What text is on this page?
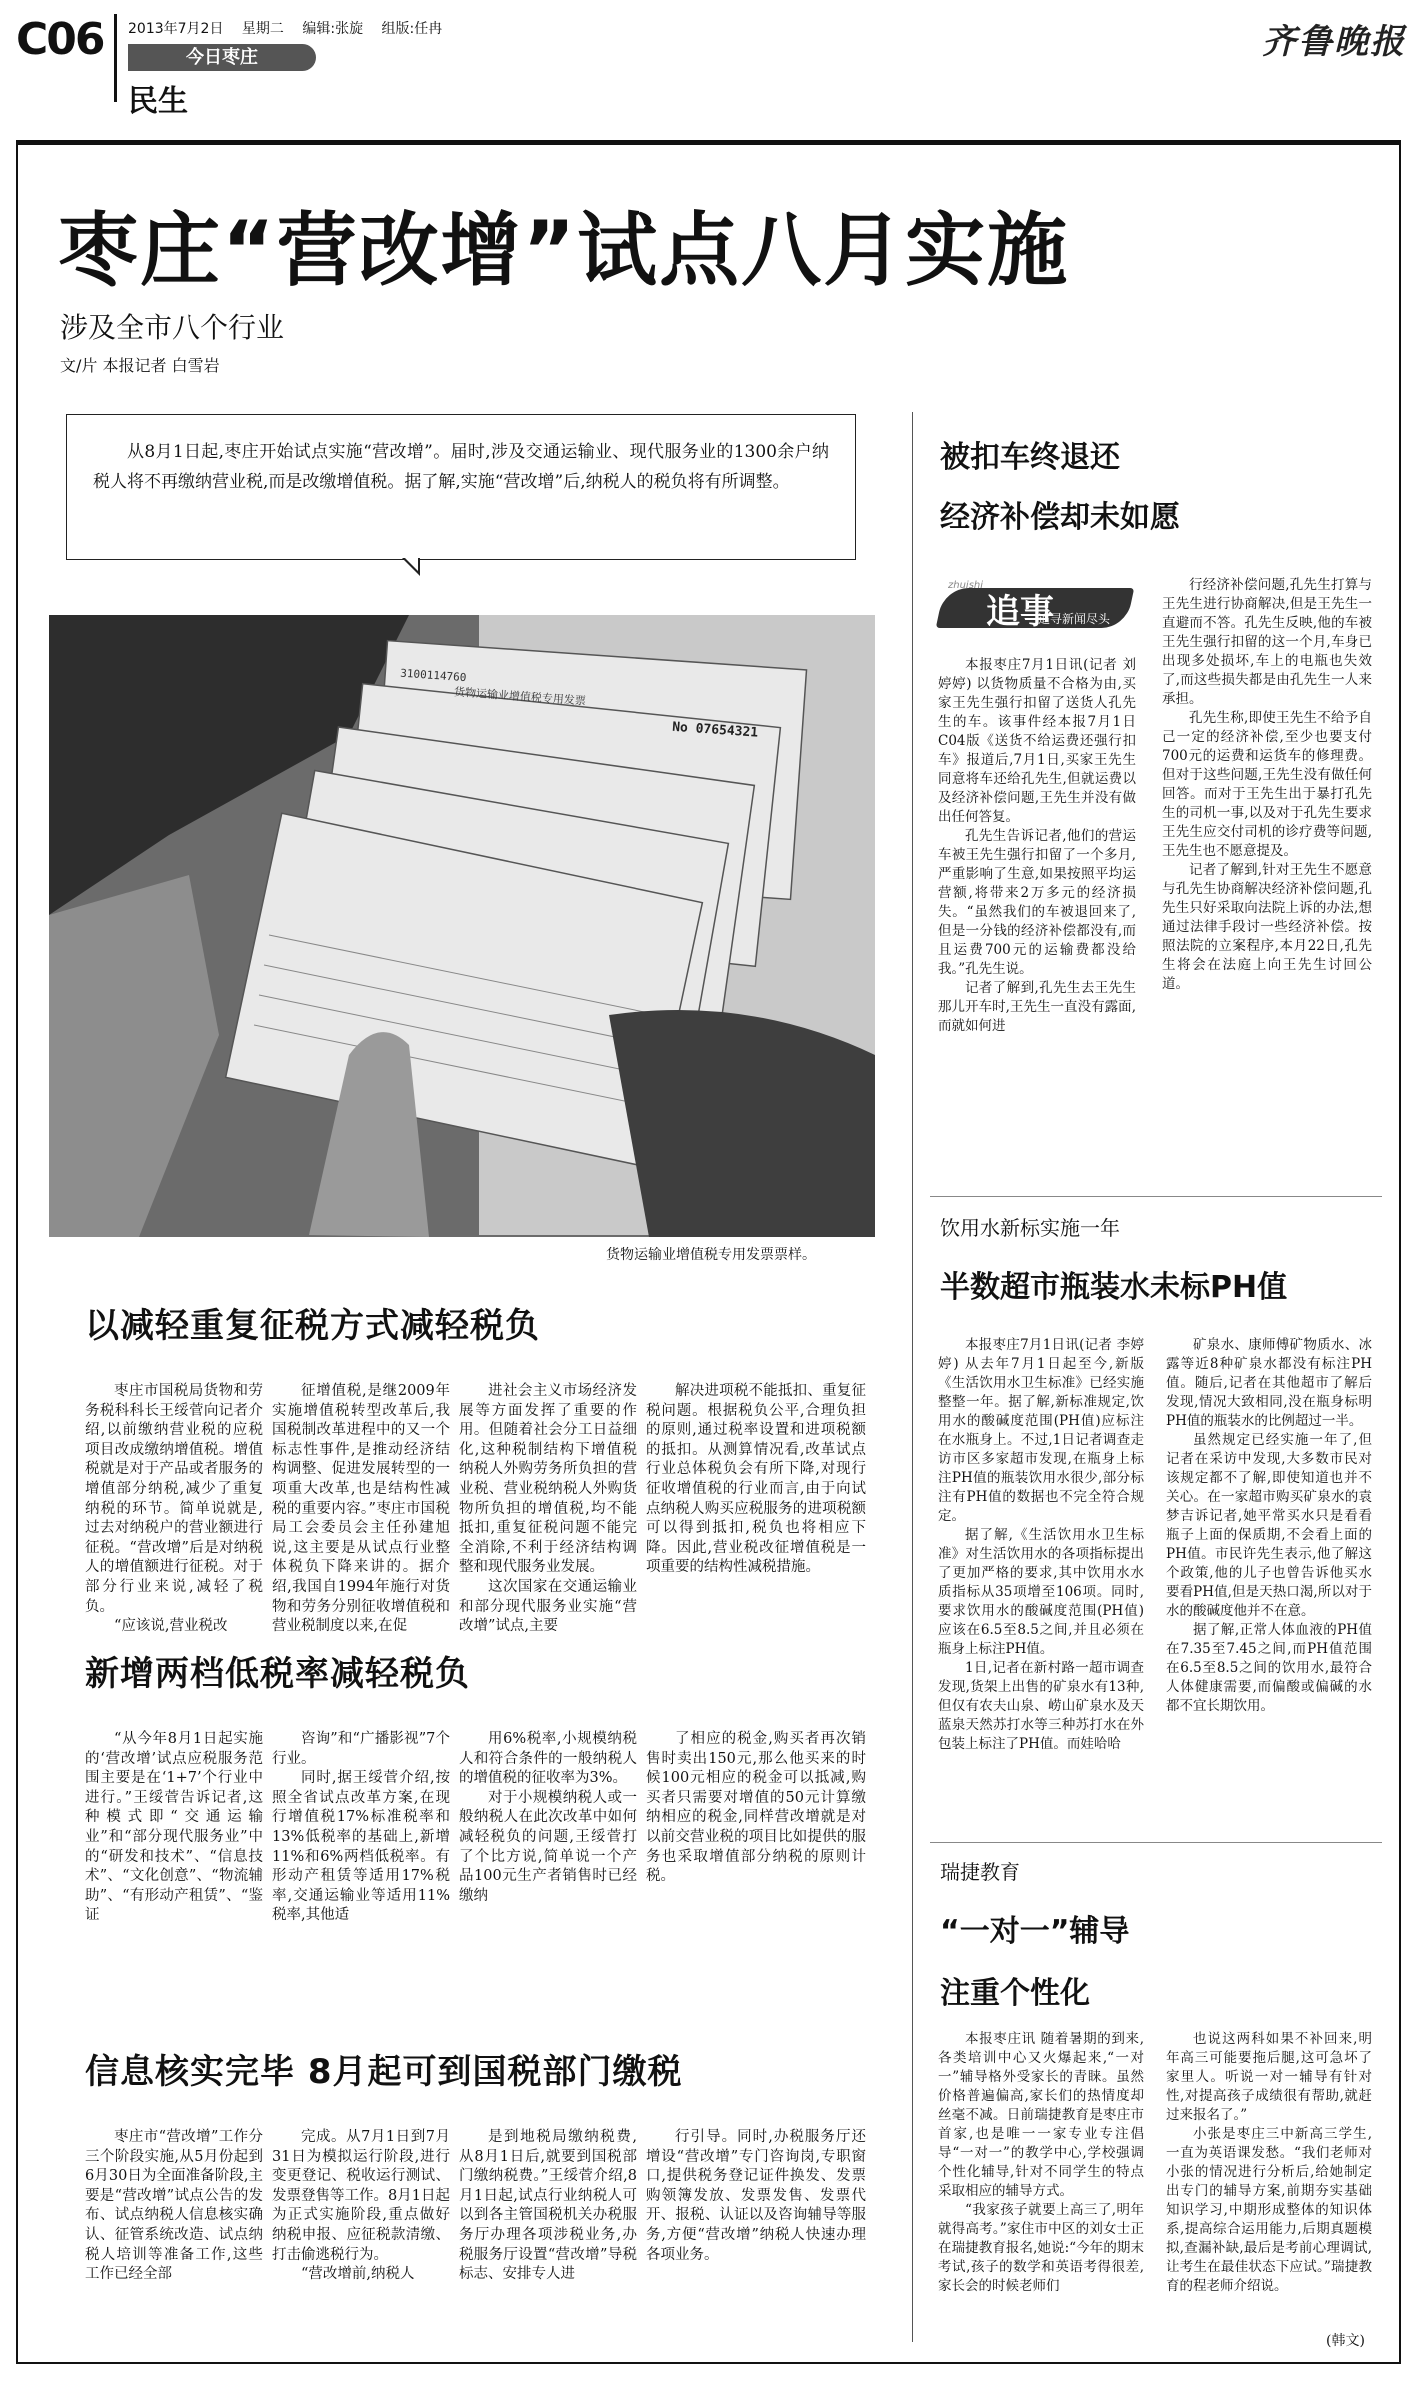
C06	2013年7月2日 星期二 编辑:张旋 组版:任冉
今日枣庄
民生
齐鲁晚报
枣庄“营改增”试点八月实施
涉及全市八个行业
文/片 本报记者 白雪岩
从8月1日起,枣庄开始试点实施“营改增”。届时,涉及交通运输业、现代服务业的1300余户纳税人将不再缴纳营业税,而是改缴增值税。据了解,实施“营改增”后,纳税人的税负将有所调整。
货物运输业增值税专用发票
3100114760
No 07654321
货物运输业增值税专用发票票样。
以减轻重复征税方式减轻税负

枣庄市国税局货物和劳务税科科长王绥菅向记者介绍,以前缴纳营业税的应税项目改成缴纳增值税。增值税就是对于产品或者服务的增值部分纳税,减少了重复纳税的环节。简单说就是,过去对纳税户的营业额进行征税。“营改增”后是对纳税人的增值额进行征税。对于部分行业来说,减轻了税负。

“应该说,营业税改

征增值税,是继2009年实施增值税转型改革后,我国税制改革进程中的又一个标志性事件,是推动经济结构调整、促进发展转型的一项重大改革,也是结构性减税的重要内容。”枣庄市国税局工会委员会主任孙建旭说,这主要是从试点行业整体税负下降来讲的。据介绍,我国自1994年施行对货物和劳务分别征收增值税和营业税制度以来,在促

进社会主义市场经济发展等方面发挥了重要的作用。但随着社会分工日益细化,这种税制结构下增值税纳税人外购劳务所负担的营业税、营业税纳税人外购货物所负担的增值税,均不能抵扣,重复征税问题不能完全消除,不利于经济结构调整和现代服务业发展。

这次国家在交通运输业和部分现代服务业实施“营改增”试点,主要

解决进项税不能抵扣、重复征税问题。根据税负公平,合理负担的原则,通过税率设置和进项税额的抵扣。从测算情况看,改革试点行业总体税负会有所下降,对现行征收增值税的行业而言,由于向试点纳税人购买应税服务的进项税额可以得到抵扣,税负也将相应下降。因此,营业税改征增值税是一项重要的结构性减税措施。

新增两档低税率减轻税负

“从今年8月1日起实施的‘营改增’试点应税服务范围主要是在‘1+7’个行业中进行。”王绥菅告诉记者,这种模式即“交通运输业”和“部分现代服务业”中的“研发和技术”、“信息技术”、“文化创意”、“物流辅助”、“有形动产租赁”、“鉴证

咨询”和“广播影视”7个行业。

同时,据王绥菅介绍,按照全省试点改革方案,在现行增值税17%标准税率和13%低税率的基础上,新增11%和6%两档低税率。有形动产租赁等适用17%税率,交通运输业等适用11%税率,其他适

用6%税率,小规模纳税人和符合条件的一般纳税人的增值税的征收率为3%。

对于小规模纳税人或一般纳税人在此次改革中如何减轻税负的问题,王绥菅打了个比方说,简单说一个产品100元生产者销售时已经缴纳

了相应的税金,购买者再次销售时卖出150元,那么他买来的时候100元相应的税金可以抵减,购买者只需要对增值的50元计算缴纳相应的税金,同样营改增就是对以前交营业税的项目比如提供的服务也采取增值部分纳税的原则计税。

信息核实完毕 8月起可到国税部门缴税

枣庄市“营改增”工作分三个阶段实施,从5月份起到6月30日为全面准备阶段,主要是“营改增”试点公告的发布、试点纳税人信息核实确认、征管系统改造、试点纳税人培训等准备工作,这些工作已经全部

完成。从7月1日到7月31日为模拟运行阶段,进行变更登记、税收运行测试、发票登售等工作。8月1日起为正式实施阶段,重点做好纳税申报、应征税款清缴、打击偷逃税行为。

“营改增前,纳税人

是到地税局缴纳税费,从8月1日后,就要到国税部门缴纳税费。”王绥菅介绍,8月1日起,试点行业纳税人可以到各主管国税机关办税服务厅办理各项涉税业务,办税服务厅设置“营改增”导税标志、安排专人进

行引导。同时,办税服务厅还增设“营改增”专门咨询岗,专职窗口,提供税务登记证件换发、发票购领簿发放、发票发售、发票代开、报税、认证以及咨询辅导等服务,方便“营改增”纳税人快速办理各项业务。

被扣车终退还
经济补偿却未如愿
追事
zhuishi
追寻新闻尽头

本报枣庄7月1日讯(记者 刘婷婷) 以货物质量不合格为由,买家王先生强行扣留了送货人孔先生的车。该事件经本报7月1日C04版《送货不给运费还强行扣车》报道后,7月1日,买家王先生同意将车还给孔先生,但就运费以及经济补偿问题,王先生并没有做出任何答复。

孔先生告诉记者,他们的营运车被王先生强行扣留了一个多月,严重影响了生意,如果按照平均运营额,将带来2万多元的经济损失。“虽然我们的车被退回来了,但是一分钱的经济补偿都没有,而且运费700元的运输费都没给我。”孔先生说。

记者了解到,孔先生去王先生那儿开车时,王先生一直没有露面,而就如何进

行经济补偿问题,孔先生打算与王先生进行协商解决,但是王先生一直避而不答。孔先生反映,他的车被王先生强行扣留的这一个月,车身已出现多处损坏,车上的电瓶也失效了,而这些损失都是由孔先生一人来承担。

孔先生称,即使王先生不给予自己一定的经济补偿,至少也要支付700元的运费和运货车的修理费。但对于这些问题,王先生没有做任何回答。而对于王先生出于暴打孔先生的司机一事,以及对于孔先生要求王先生应交付司机的诊疗费等问题,王先生也不愿意提及。

记者了解到,针对王先生不愿意与孔先生协商解决经济补偿问题,孔先生只好采取向法院上诉的办法,想通过法律手段讨一些经济补偿。按照法院的立案程序,本月22日,孔先生将会在法庭上向王先生讨回公道。

饮用水新标实施一年
半数超市瓶装水未标PH值

本报枣庄7月1日讯(记者 李婷婷) 从去年7月1日起至今,新版《生活饮用水卫生标准》已经实施整整一年。据了解,新标准规定,饮用水的酸碱度范围(PH值)应标注在水瓶身上。不过,1日记者调查走访市区多家超市发现,在瓶身上标注PH值的瓶装饮用水很少,部分标注有PH值的数据也不完全符合规定。

据了解,《生活饮用水卫生标准》对生活饮用水的各项指标提出了更加严格的要求,其中饮用水水质指标从35项增至106项。同时,要求饮用水的酸碱度范围(PH值)应该在6.5至8.5之间,并且必须在瓶身上标注PH值。

1日,记者在新村路一超市调查发现,货架上出售的矿泉水有13种,但仅有农夫山泉、崂山矿泉水及天蓝泉天然苏打水等三种苏打水在外包装上标注了PH值。而娃哈哈

矿泉水、康师傅矿物质水、冰露等近8种矿泉水都没有标注PH值。随后,记者在其他超市了解后发现,情况大致相同,没在瓶身标明PH值的瓶装水的比例超过一半。

虽然规定已经实施一年了,但记者在采访中发现,大多数市民对该规定都不了解,即使知道也并不关心。在一家超市购买矿泉水的袁梦吉诉记者,她平常买水只是看看瓶子上面的保质期,不会看上面的PH值。市民许先生表示,他了解这个政策,他的儿子也曾告诉他买水要看PH值,但是天热口渴,所以对于水的酸碱度他并不在意。

据了解,正常人体血液的PH值在7.35至7.45之间,而PH值范围在6.5至8.5之间的饮用水,最符合人体健康需要,而偏酸或偏碱的水都不宜长期饮用。

瑞捷教育
“一对一”辅导
注重个性化

本报枣庄讯 随着暑期的到来,各类培训中心又火爆起来,“一对一”辅导格外受家长的青睐。虽然价格普遍偏高,家长们的热情度却丝毫不减。日前瑞捷教育是枣庄市首家,也是唯一一家专业专注倡导“一对一”的教学中心,学校强调个性化辅导,针对不同学生的特点采取相应的辅导方式。

“我家孩子就要上高三了,明年就得高考。”家住市中区的刘女士正在瑞捷教育报名,她说:“今年的期末考试,孩子的数学和英语考得很差,家长会的时候老师们

也说这两科如果不补回来,明年高三可能要拖后腿,这可急坏了家里人。听说一对一辅导有针对性,对提高孩子成绩很有帮助,就赶过来报名了。”

小张是枣庄三中新高三学生,一直为英语课发愁。“我们老师对小张的情况进行分析后,给她制定出专门的辅导方案,前期夯实基础知识学习,中期形成整体的知识体系,提高综合运用能力,后期真题模拟,查漏补缺,最后是考前心理调试,让考生在最佳状态下应试。”瑞捷教育的程老师介绍说。

(韩文)
